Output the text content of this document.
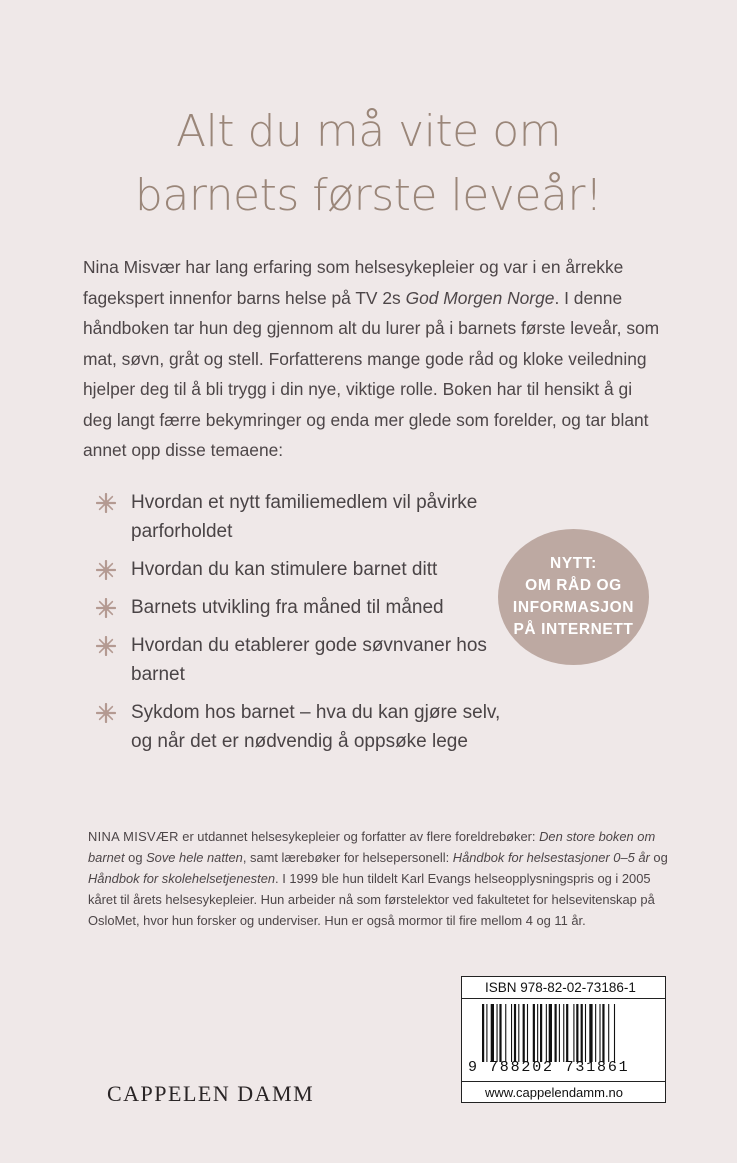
Alt du må vite om
barnets første leveår!
Nina Misvær har lang erfaring som helsesykepleier og var i en årrekke fagekspert innenfor barns helse på TV 2s God Morgen Norge. I denne håndboken tar hun deg gjennom alt du lurer på i barnets første leveår, som mat, søvn, gråt og stell. Forfatterens mange gode råd og kloke veiledning hjelper deg til å bli trygg i din nye, viktige rolle. Boken har til hensikt å gi deg langt færre bekymringer og enda mer glede som forelder, og tar blant annet opp disse temaene:
Hvordan et nytt familiemedlem vil påvirke parforholdet
Hvordan du kan stimulere barnet ditt
Barnets utvikling fra måned til måned
Hvordan du etablerer gode søvnvaner hos barnet
Sykdom hos barnet – hva du kan gjøre selv, og når det er nødvendig å oppsøke lege
NYTT:
OM RÅD OG
INFORMASJON
PÅ INTERNETT
NINA MISVÆR er utdannet helsesykepleier og forfatter av flere foreldrebøker: Den store boken om barnet og Sove hele natten, samt lærebøker for helsepersonell: Håndbok for helsestasjoner 0–5 år og Håndbok for skolehelsetjenesten. I 1999 ble hun tildelt Karl Evangs helseopplysningspris og i 2005 kåret til årets helsesykepleier. Hun arbeider nå som førstelektor ved fakultetet for helsevitenskap på OsloMet, hvor hun forsker og underviser. Hun er også mormor til fire mellom 4 og 11 år.
ISBN 978-82-02-73186-1
9 788202 731861
www.cappelendamm.no
CAPPELEN DAMM
